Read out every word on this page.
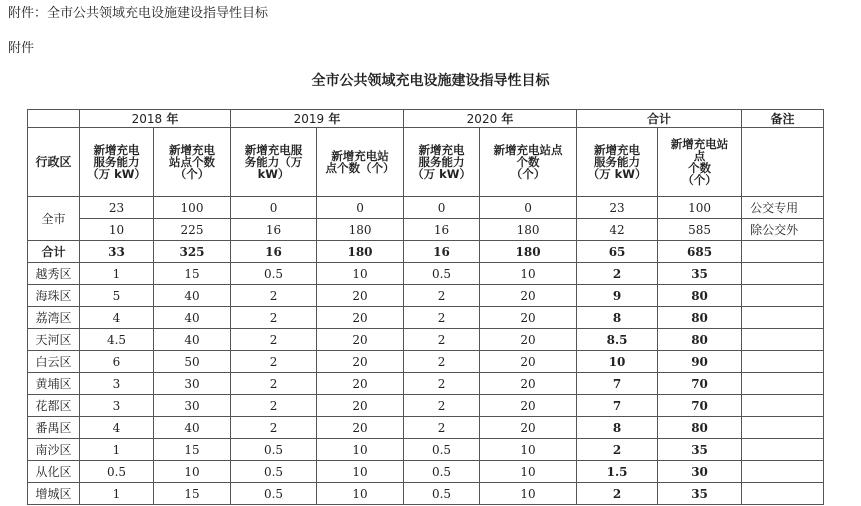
附件：全市公共领域充电设施建设指导性目标
附件
全市公共领域充电设施建设指导性目标
	2018 年		2019 年		2020 年		合计		备注
行政区	新增充电
服务能力
（万 kW）	新增充电
站点个数
（个）	新增充电服
务能力（万
kW）	新增充电站
点个数（个）	新增充电
服务能力
（万 kW）	新增充电站点
个数
（个）	新增充电
服务能力
（万 kW）	新增充电站
点
个数
（个）	

全市	23	100	0	0	0	0	23	100	公交专用
	10	225	16	180	16	180	42	585	除公交外
合计	33	325	16	180	16	180	65	685	
越秀区	1	15	0.5	10	0.5	10	2	35	
海珠区	5	40	2	20	2	20	9	80	
荔湾区	4	40	2	20	2	20	8	80	
天河区	4.5	40	2	20	2	20	8.5	80	
白云区	6	50	2	20	2	20	10	90	
黄埔区	3	30	2	20	2	20	7	70	
花都区	3	30	2	20	2	20	7	70	
番禺区	4	40	2	20	2	20	8	80	
南沙区	1	15	0.5	10	0.5	10	2	35	
从化区	0.5	10	0.5	10	0.5	10	1.5	30	
增城区	1	15	0.5	10	0.5	10	2	35	
